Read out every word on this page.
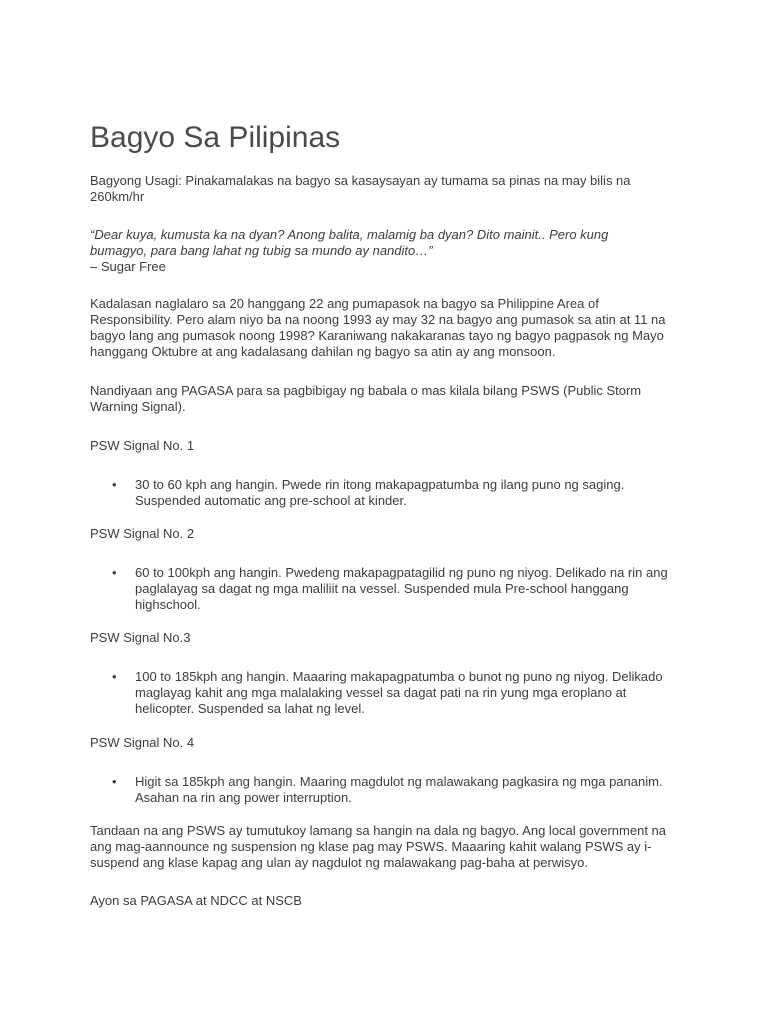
Bagyo Sa Pilipinas
Bagyong Usagi: Pinakamalakas na bagyo sa kasaysayan ay tumama sa pinas na may bilis na
260km/hr
“Dear kuya, kumusta ka na dyan? Anong balita, malamig ba dyan? Dito mainit.. Pero kung
bumagyo, para bang lahat ng tubig sa mundo ay nandito…”
– Sugar Free
Kadalasan naglalaro sa 20 hanggang 22 ang pumapasok na bagyo sa Philippine Area of
Responsibility. Pero alam niyo ba na noong 1993 ay may 32 na bagyo ang pumasok sa atin at 11 na
bagyo lang ang pumasok noong 1998? Karaniwang nakakaranas tayo ng bagyo pagpasok ng Mayo
hanggang Oktubre at ang kadalasang dahilan ng bagyo sa atin ay ang monsoon.
Nandiyaan ang PAGASA para sa pagbibigay ng babala o mas kilala bilang PSWS (Public Storm
Warning Signal).
PSW Signal No. 1
• 30 to 60 kph ang hangin. Pwede rin itong makapagpatumba ng ilang puno ng saging.
Suspended automatic ang pre-school at kinder.
PSW Signal No. 2
• 60 to 100kph ang hangin. Pwedeng makapagpatagilid ng puno ng niyog. Delikado na rin ang
paglalayag sa dagat ng mga maliliit na vessel. Suspended mula Pre-school hanggang
highschool.
PSW Signal No.3
• 100 to 185kph ang hangin. Maaaring makapagpatumba o bunot ng puno ng niyog. Delikado
maglayag kahit ang mga malalaking vessel sa dagat pati na rin yung mga eroplano at
helicopter. Suspended sa lahat ng level.
PSW Signal No. 4
• Higit sa 185kph ang hangin. Maaring magdulot ng malawakang pagkasira ng mga pananim.
Asahan na rin ang power interruption.
Tandaan na ang PSWS ay tumutukoy lamang sa hangin na dala ng bagyo. Ang local government na
ang mag-aannounce ng suspension ng klase pag may PSWS. Maaaring kahit walang PSWS ay i-
suspend ang klase kapag ang ulan ay nagdulot ng malawakang pag-baha at perwisyo.
Ayon sa PAGASA at NDCC at NSCB
